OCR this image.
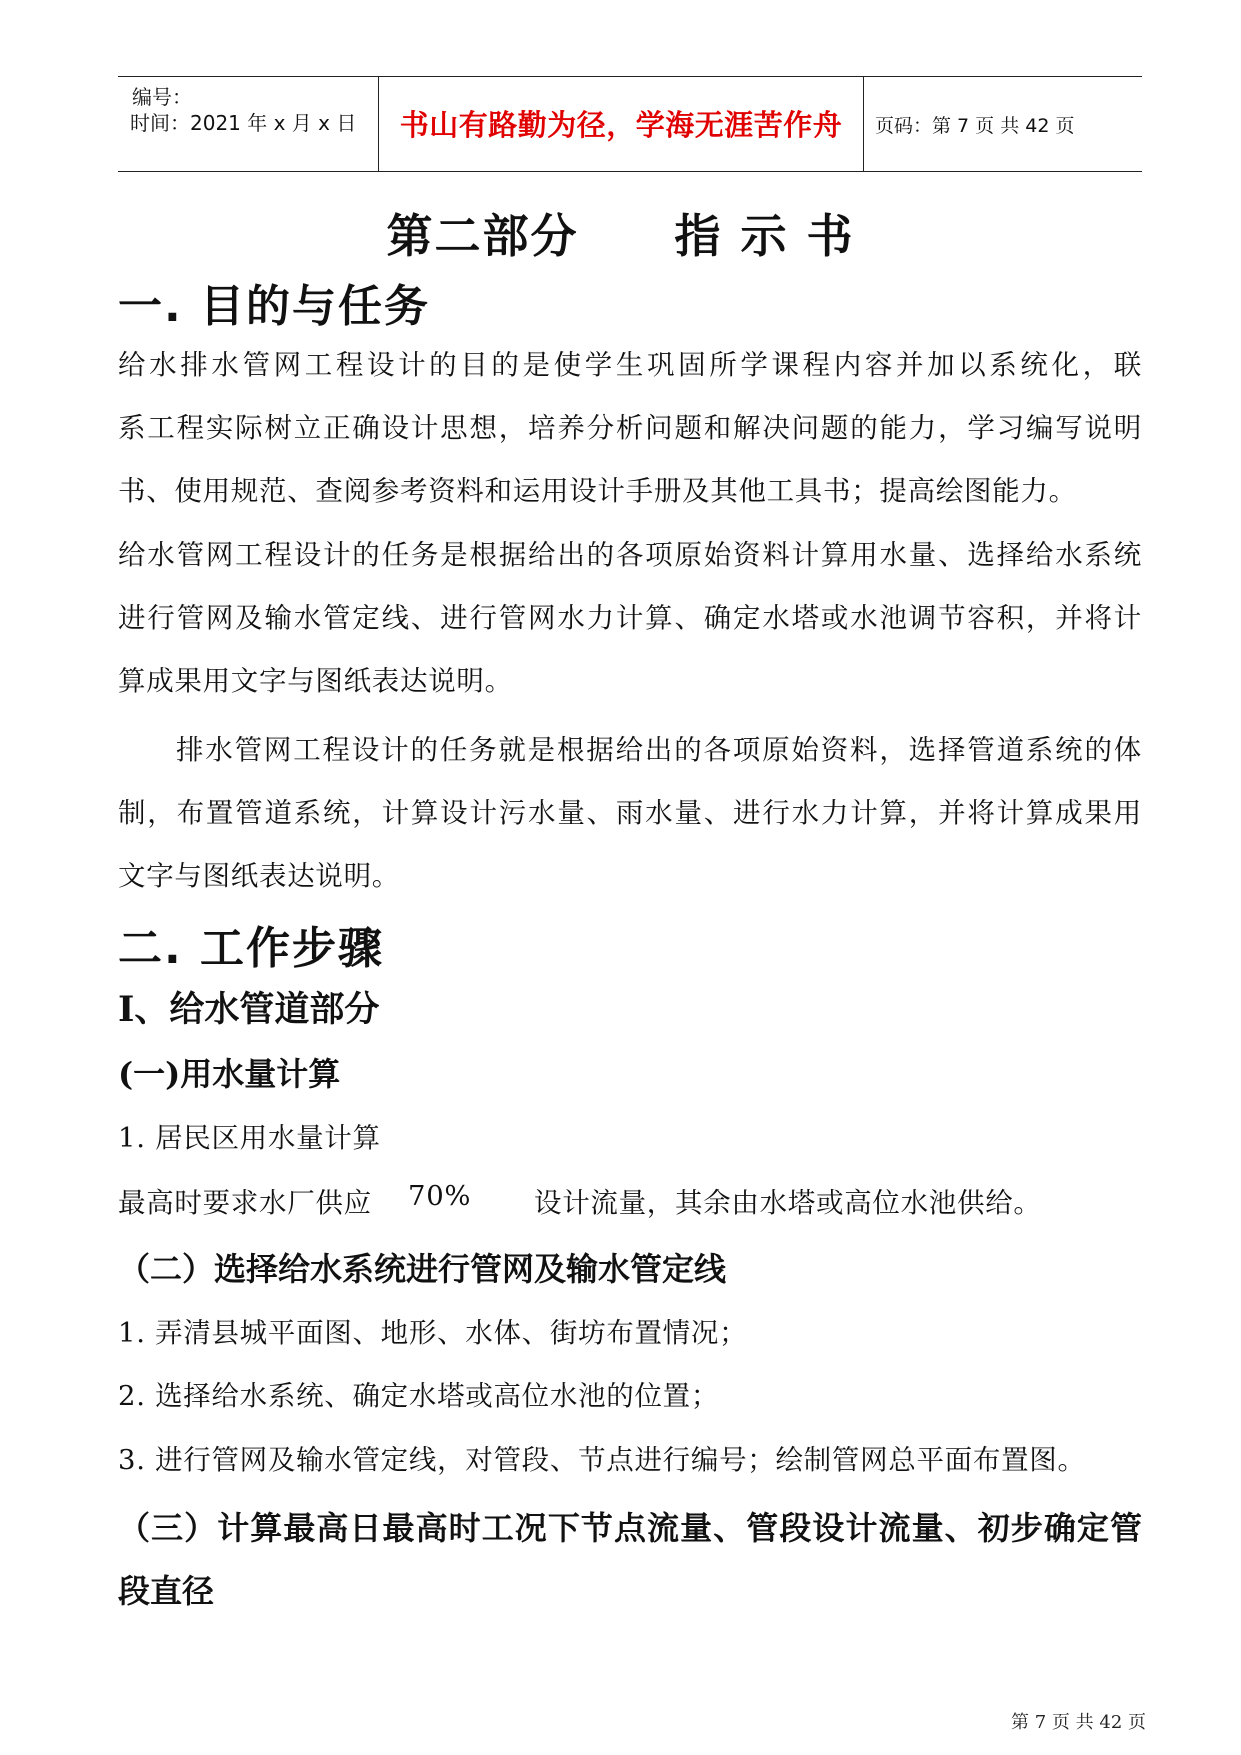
编号：
时间：2021 年 x 月 x 日	书山有路勤为径，学海无涯苦作舟	页码：第 7 页 共 42 页
第二部分　　指 示 书
一. 目的与任务
给水排水管网工程设计的目的是使学生巩固所学课程内容并加以系统化，联
系工程实际树立正确设计思想，培养分析问题和解决问题的能力，学习编写说明
书、使用规范、查阅参考资料和运用设计手册及其他工具书；提高绘图能力。
给水管网工程设计的任务是根据给出的各项原始资料计算用水量、选择给水系统
进行管网及输水管定线、进行管网水力计算、确定水塔或水池调节容积，并将计
算成果用文字与图纸表达说明。
排水管网工程设计的任务就是根据给出的各项原始资料，选择管道系统的体
制，布置管道系统，计算设计污水量、雨水量、进行水力计算，并将计算成果用
文字与图纸表达说明。
二. 工作步骤
I、给水管道部分
(一)用水量计算
1. 居民区用水量计算
最高时要求水厂供应 70% 设计流量，其余由水塔或高位水池供给。
（二）选择给水系统进行管网及输水管定线
1. 弄清县城平面图、地形、水体、街坊布置情况；
2. 选择给水系统、确定水塔或高位水池的位置；
3. 进行管网及输水管定线，对管段、节点进行编号；绘制管网总平面布置图。
（三）计算最高日最高时工况下节点流量、管段设计流量、初步确定管
段直径
第 7 页 共 42 页
